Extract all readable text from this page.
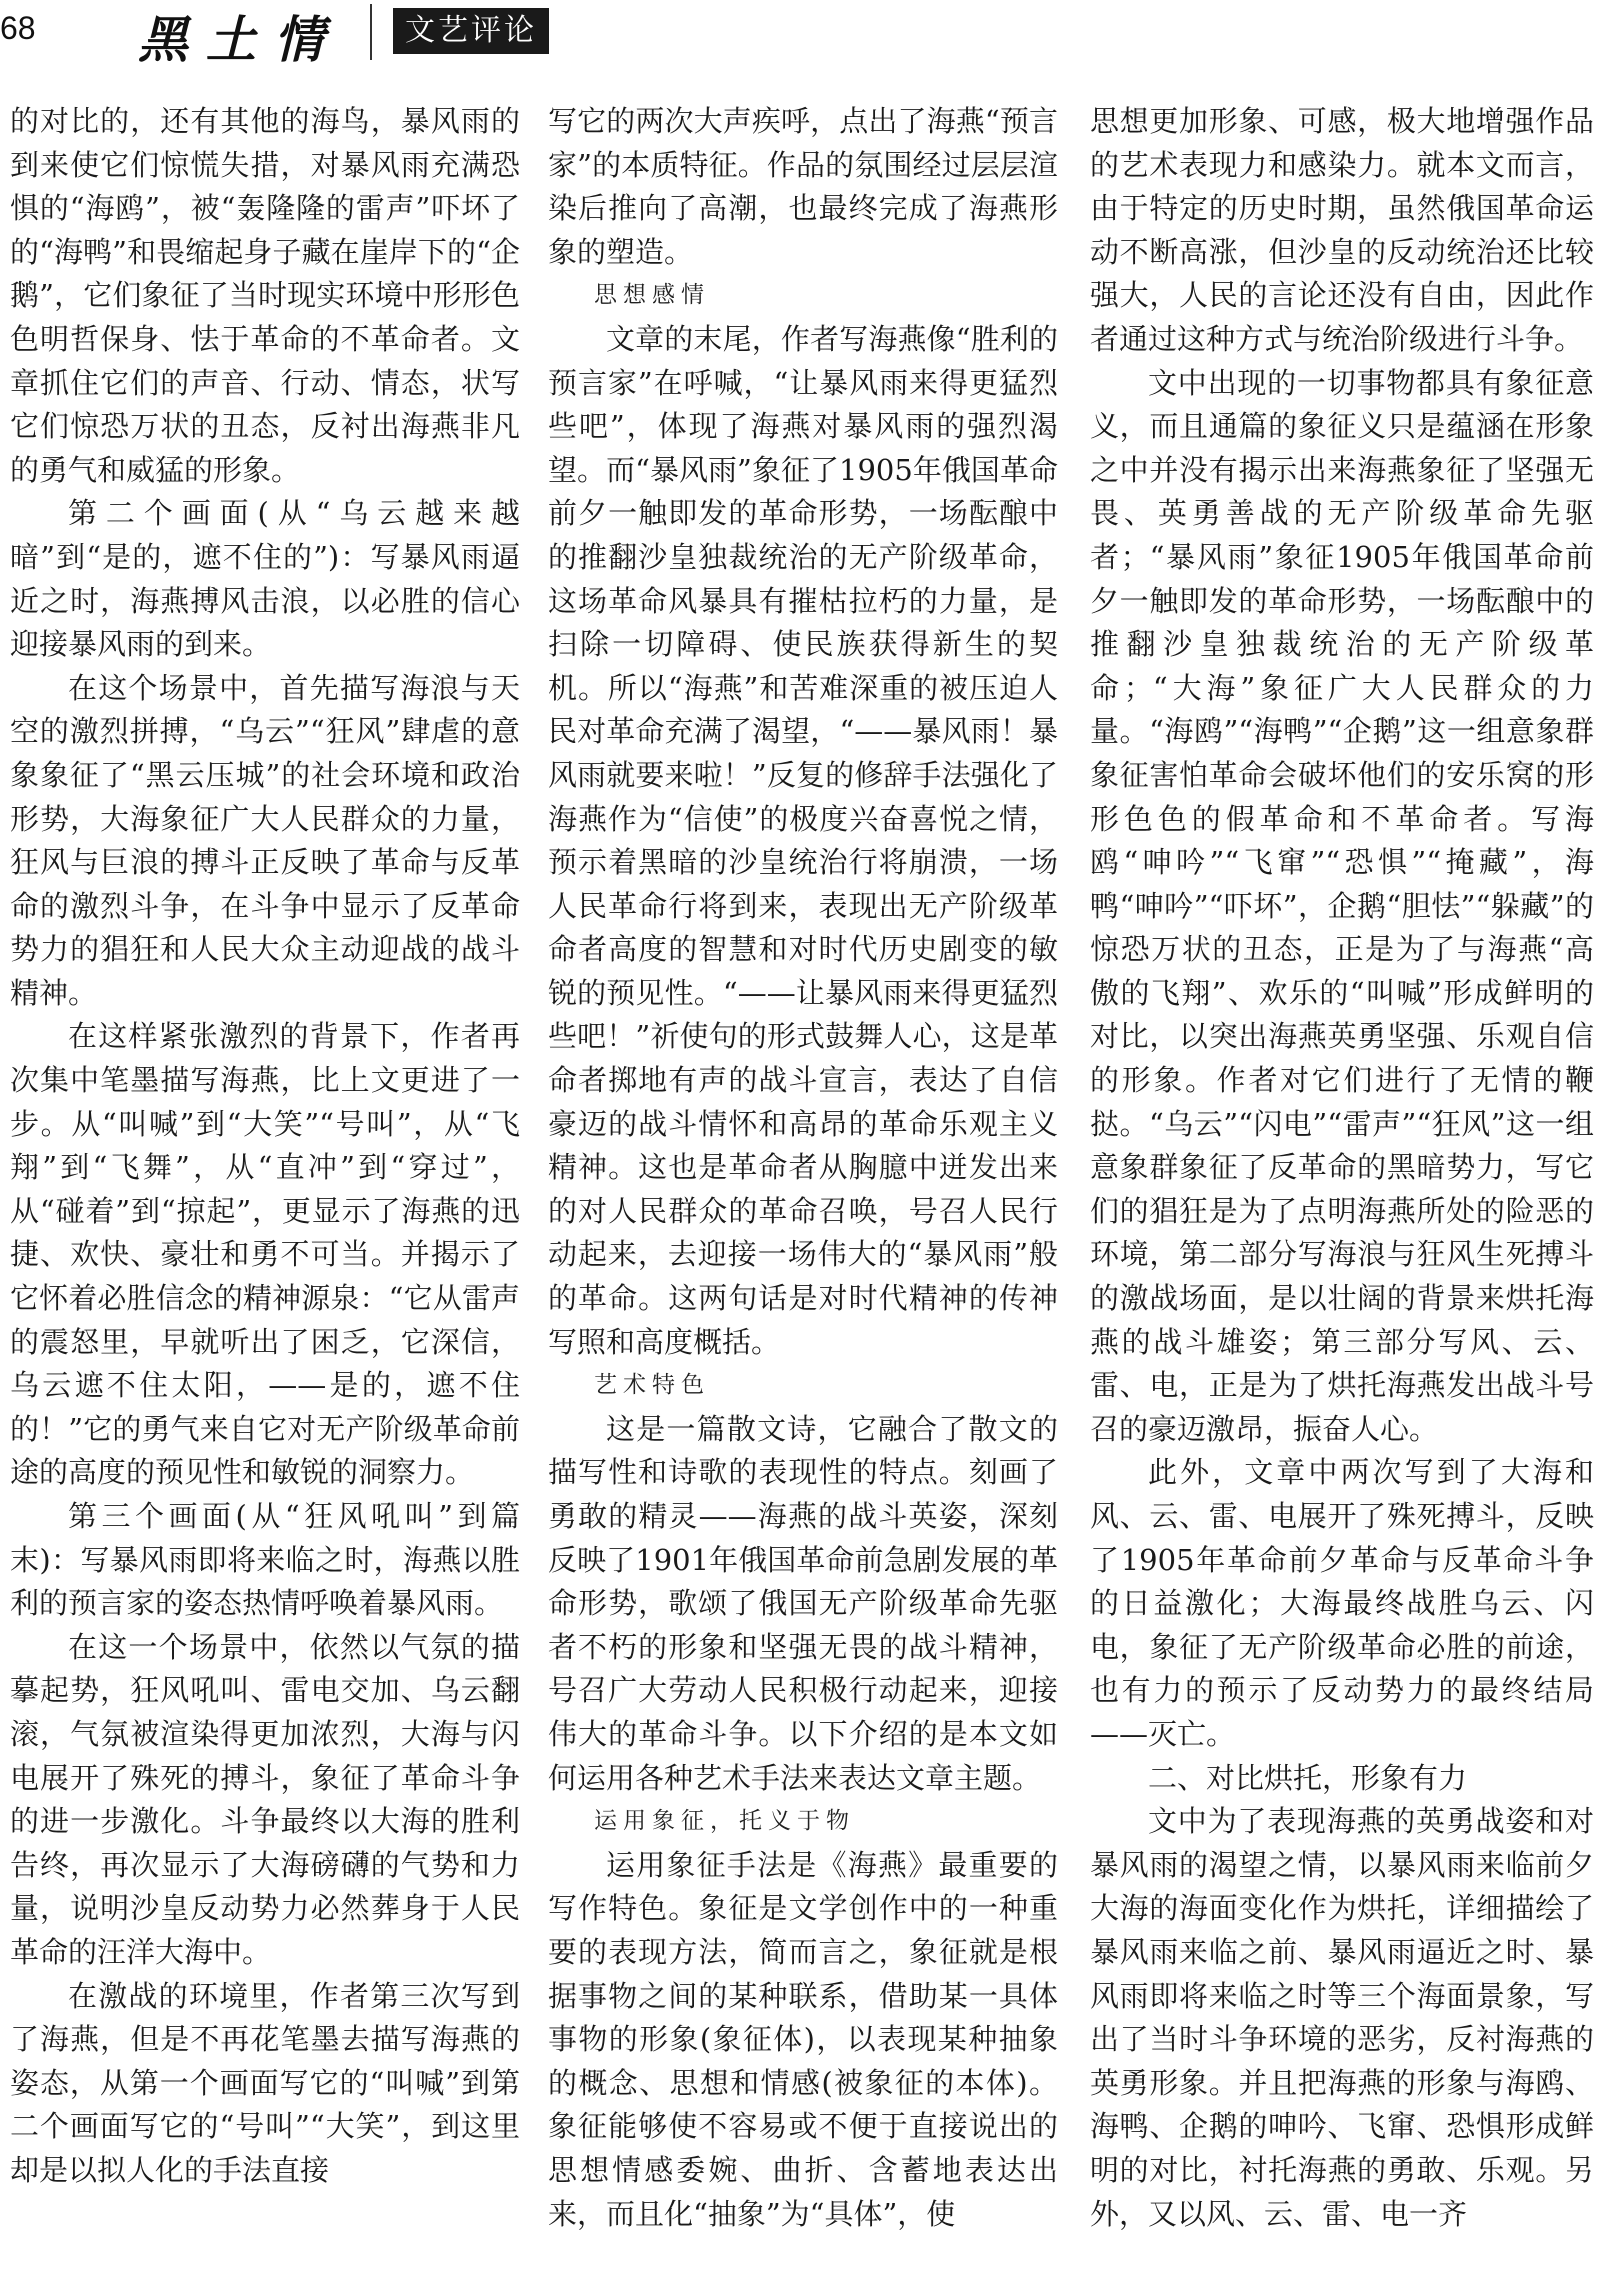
68 黑土情	文艺评论

的对比的，还有其他的海鸟，暴风雨的到来使它们惊慌失措，对暴风雨充满恐惧的“海鸥”，被“轰隆隆的雷声”吓坏了的“海鸭”和畏缩起身子藏在崖岸下的“企鹅”，它们象征了当时现实环境中形形色色明哲保身、怯于革命的不革命者。文章抓住它们的声音、行动、情态，状写它们惊恐万状的丑态，反衬出海燕非凡的勇气和威猛的形象。

第二个画面(从“乌云越来越暗”到“是的，遮不住的”)：写暴风雨逼近之时，海燕搏风击浪，以必胜的信心迎接暴风雨的到来。

在这个场景中，首先描写海浪与天空的激烈拼搏，“乌云”“狂风”肆虐的意象象征了“黑云压城”的社会环境和政治形势，大海象征广大人民群众的力量，狂风与巨浪的搏斗正反映了革命与反革命的激烈斗争，在斗争中显示了反革命势力的猖狂和人民大众主动迎战的战斗精神。

在这样紧张激烈的背景下，作者再次集中笔墨描写海燕，比上文更进了一步。从“叫喊”到“大笑”“号叫”，从“飞翔”到“飞舞”，从“直冲”到“穿过”，从“碰着”到“掠起”，更显示了海燕的迅捷、欢快、豪壮和勇不可当。并揭示了它怀着必胜信念的精神源泉：“它从雷声的震怒里，早就听出了困乏，它深信，乌云遮不住太阳，——是的，遮不住的！”它的勇气来自它对无产阶级革命前途的高度的预见性和敏锐的洞察力。

第三个画面(从“狂风吼叫”到篇末)：写暴风雨即将来临之时，海燕以胜利的预言家的姿态热情呼唤着暴风雨。

在这一个场景中，依然以气氛的描摹起势，狂风吼叫、雷电交加、乌云翻滚，气氛被渲染得更加浓烈，大海与闪电展开了殊死的搏斗，象征了革命斗争的进一步激化。斗争最终以大海的胜利告终，再次显示了大海磅礴的气势和力量，说明沙皇反动势力必然葬身于人民革命的汪洋大海中。

在激战的环境里，作者第三次写到了海燕，但是不再花笔墨去描写海燕的姿态，从第一个画面写它的“叫喊”到第二个画面写它的“号叫”“大笑”，到这里却是以拟人化的手法直接

写它的两次大声疾呼，点出了海燕“预言家”的本质特征。作品的氛围经过层层渲染后推向了高潮，也最终完成了海燕形象的塑造。

思想感情

文章的末尾，作者写海燕像“胜利的预言家”在呼喊，“让暴风雨来得更猛烈些吧”，体现了海燕对暴风雨的强烈渴望。而“暴风雨”象征了1905年俄国革命前夕一触即发的革命形势，一场酝酿中的推翻沙皇独裁统治的无产阶级革命，这场革命风暴具有摧枯拉朽的力量，是扫除一切障碍、使民族获得新生的契机。所以“海燕”和苦难深重的被压迫人民对革命充满了渴望，“——暴风雨！暴风雨就要来啦！”反复的修辞手法强化了海燕作为“信使”的极度兴奋喜悦之情，预示着黑暗的沙皇统治行将崩溃，一场人民革命行将到来，表现出无产阶级革命者高度的智慧和对时代历史剧变的敏锐的预见性。“——让暴风雨来得更猛烈些吧！”祈使句的形式鼓舞人心，这是革命者掷地有声的战斗宣言，表达了自信豪迈的战斗情怀和高昂的革命乐观主义精神。这也是革命者从胸臆中迸发出来的对人民群众的革命召唤，号召人民行动起来，去迎接一场伟大的“暴风雨”般的革命。这两句话是对时代精神的传神写照和高度概括。

艺术特色

这是一篇散文诗，它融合了散文的描写性和诗歌的表现性的特点。刻画了勇敢的精灵——海燕的战斗英姿，深刻反映了1901年俄国革命前急剧发展的革命形势，歌颂了俄国无产阶级革命先驱者不朽的形象和坚强无畏的战斗精神，号召广大劳动人民积极行动起来，迎接伟大的革命斗争。以下介绍的是本文如何运用各种艺术手法来表达文章主题。

运用象征，托义于物

运用象征手法是《海燕》最重要的写作特色。象征是文学创作中的一种重要的表现方法，简而言之，象征就是根据事物之间的某种联系，借助某一具体事物的形象(象征体)，以表现某种抽象的概念、思想和情感(被象征的本体)。象征能够使不容易或不便于直接说出的思想情感委婉、曲折、含蓄地表达出来，而且化“抽象”为“具体”，使

思想更加形象、可感，极大地增强作品的艺术表现力和感染力。就本文而言，由于特定的历史时期，虽然俄国革命运动不断高涨，但沙皇的反动统治还比较强大，人民的言论还没有自由，因此作者通过这种方式与统治阶级进行斗争。

文中出现的一切事物都具有象征意义，而且通篇的象征义只是蕴涵在形象之中并没有揭示出来海燕象征了坚强无畏、英勇善战的无产阶级革命先驱者；“暴风雨”象征1905年俄国革命前夕一触即发的革命形势，一场酝酿中的推翻沙皇独裁统治的无产阶级革命；“大海”象征广大人民群众的力量。“海鸥”“海鸭”“企鹅”这一组意象群象征害怕革命会破坏他们的安乐窝的形形色色的假革命和不革命者。写海鸥“呻吟”“飞窜”“恐惧”“掩藏”，海鸭“呻吟”“吓坏”，企鹅“胆怯”“躲藏”的惊恐万状的丑态，正是为了与海燕“高傲的飞翔”、欢乐的“叫喊”形成鲜明的对比，以突出海燕英勇坚强、乐观自信的形象。作者对它们进行了无情的鞭挞。“乌云”“闪电”“雷声”“狂风”这一组意象群象征了反革命的黑暗势力，写它们的猖狂是为了点明海燕所处的险恶的环境，第二部分写海浪与狂风生死搏斗的激战场面，是以壮阔的背景来烘托海燕的战斗雄姿；第三部分写风、云、雷、电，正是为了烘托海燕发出战斗号召的豪迈激昂，振奋人心。

此外，文章中两次写到了大海和风、云、雷、电展开了殊死搏斗，反映了1905年革命前夕革命与反革命斗争的日益激化；大海最终战胜乌云、闪电，象征了无产阶级革命必胜的前途，也有力的预示了反动势力的最终结局——灭亡。

二、对比烘托，形象有力

文中为了表现海燕的英勇战姿和对暴风雨的渴望之情，以暴风雨来临前夕大海的海面变化作为烘托，详细描绘了暴风雨来临之前、暴风雨逼近之时、暴风雨即将来临之时等三个海面景象，写出了当时斗争环境的恶劣，反衬海燕的英勇形象。并且把海燕的形象与海鸥、海鸭、企鹅的呻吟、飞窜、恐惧形成鲜明的对比，衬托海燕的勇敢、乐观。另外，又以风、云、雷、电一齐
